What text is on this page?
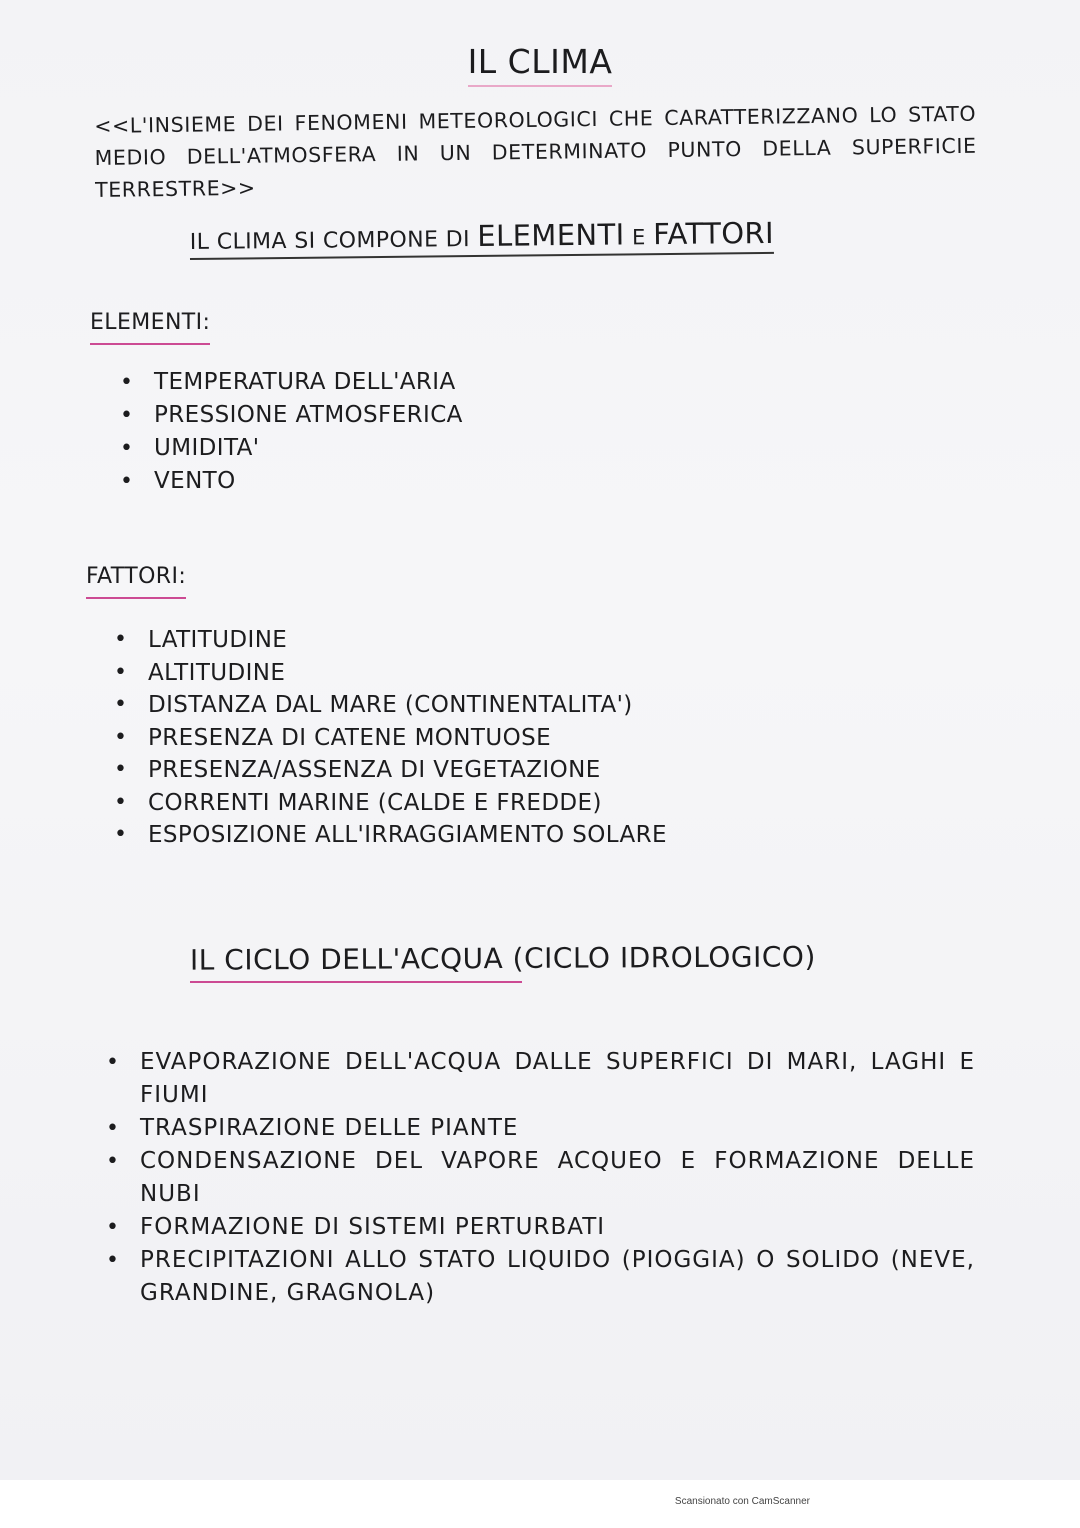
IL CLIMA
<<L'INSIEME DEI FENOMENI METEOROLOGICI CHE CARATTERIZZANO LO STATO MEDIO DELL'ATMOSFERA IN UN DETERMINATO PUNTO DELLA SUPERFICIE TERRESTRE>>
IL CLIMA SI COMPONE DI ELEMENTI E FATTORI
ELEMENTI:
• TEMPERATURA DELL'ARIA
• PRESSIONE ATMOSFERICA
• UMIDITA'
• VENTO
FATTORI:
• LATITUDINE
• ALTITUDINE
• DISTANZA DAL MARE (CONTINENTALITA')
• PRESENZA DI CATENE MONTUOSE
• PRESENZA/ASSENZA DI VEGETAZIONE
• CORRENTI MARINE (CALDE E FREDDE)
• ESPOSIZIONE ALL'IRRAGGIAMENTO SOLARE
IL CICLO DELL'ACQUA (CICLO IDROLOGICO)
• EVAPORAZIONE DELL'ACQUA DALLE SUPERFICI DI MARI, LAGHI E FIUMI
• TRASPIRAZIONE DELLE PIANTE
• CONDENSAZIONE DEL VAPORE ACQUEO E FORMAZIONE DELLE NUBI
• FORMAZIONE DI SISTEMI PERTURBATI
• PRECIPITAZIONI ALLO STATO LIQUIDO (PIOGGIA) O SOLIDO (NEVE, GRANDINE, GRAGNOLA)
Scansionato con CamScanner
